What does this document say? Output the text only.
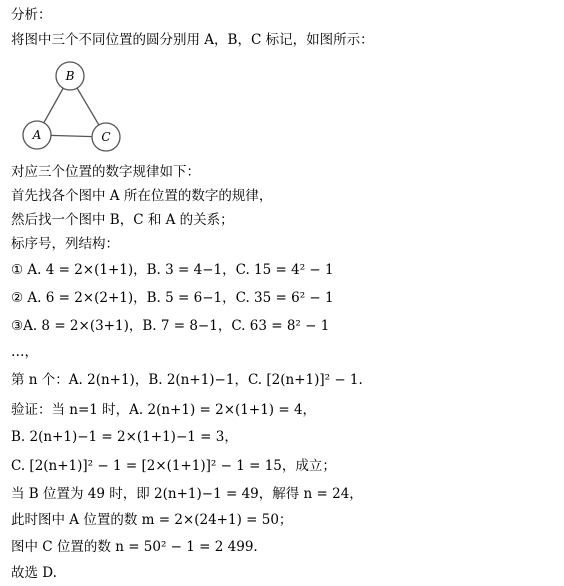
分析：
将图中三个不同位置的圆分别用 A，B，C 标记，如图所示：
B
A	C
对应三个位置的数字规律如下：
首先找各个图中 A 所在位置的数字的规律，
然后找一个图中 B，C 和 A 的关系；
标序号，列结构：
① A. 4 = 2×(1+1)，B. 3 = 4−1，C. 15 = 4² − 1
② A. 6 = 2×(2+1)，B. 5 = 6−1，C. 35 = 6² − 1
③A. 8 = 2×(3+1)，B. 7 = 8−1，C. 63 = 8² − 1
…，
第 n 个：A. 2(n+1)，B. 2(n+1)−1，C. [2(n+1)]² − 1.
验证：当 n=1 时，A. 2(n+1) = 2×(1+1) = 4，
B. 2(n+1)−1 = 2×(1+1)−1 = 3，
C. [2(n+1)]² − 1 = [2×(1+1)]² − 1 = 15，成立；
当 B 位置为 49 时，即 2(n+1)−1 = 49，解得 n = 24，
此时图中 A 位置的数 m = 2×(24+1) = 50；
图中 C 位置的数 n = 50² − 1 = 2 499.
故选 D.
